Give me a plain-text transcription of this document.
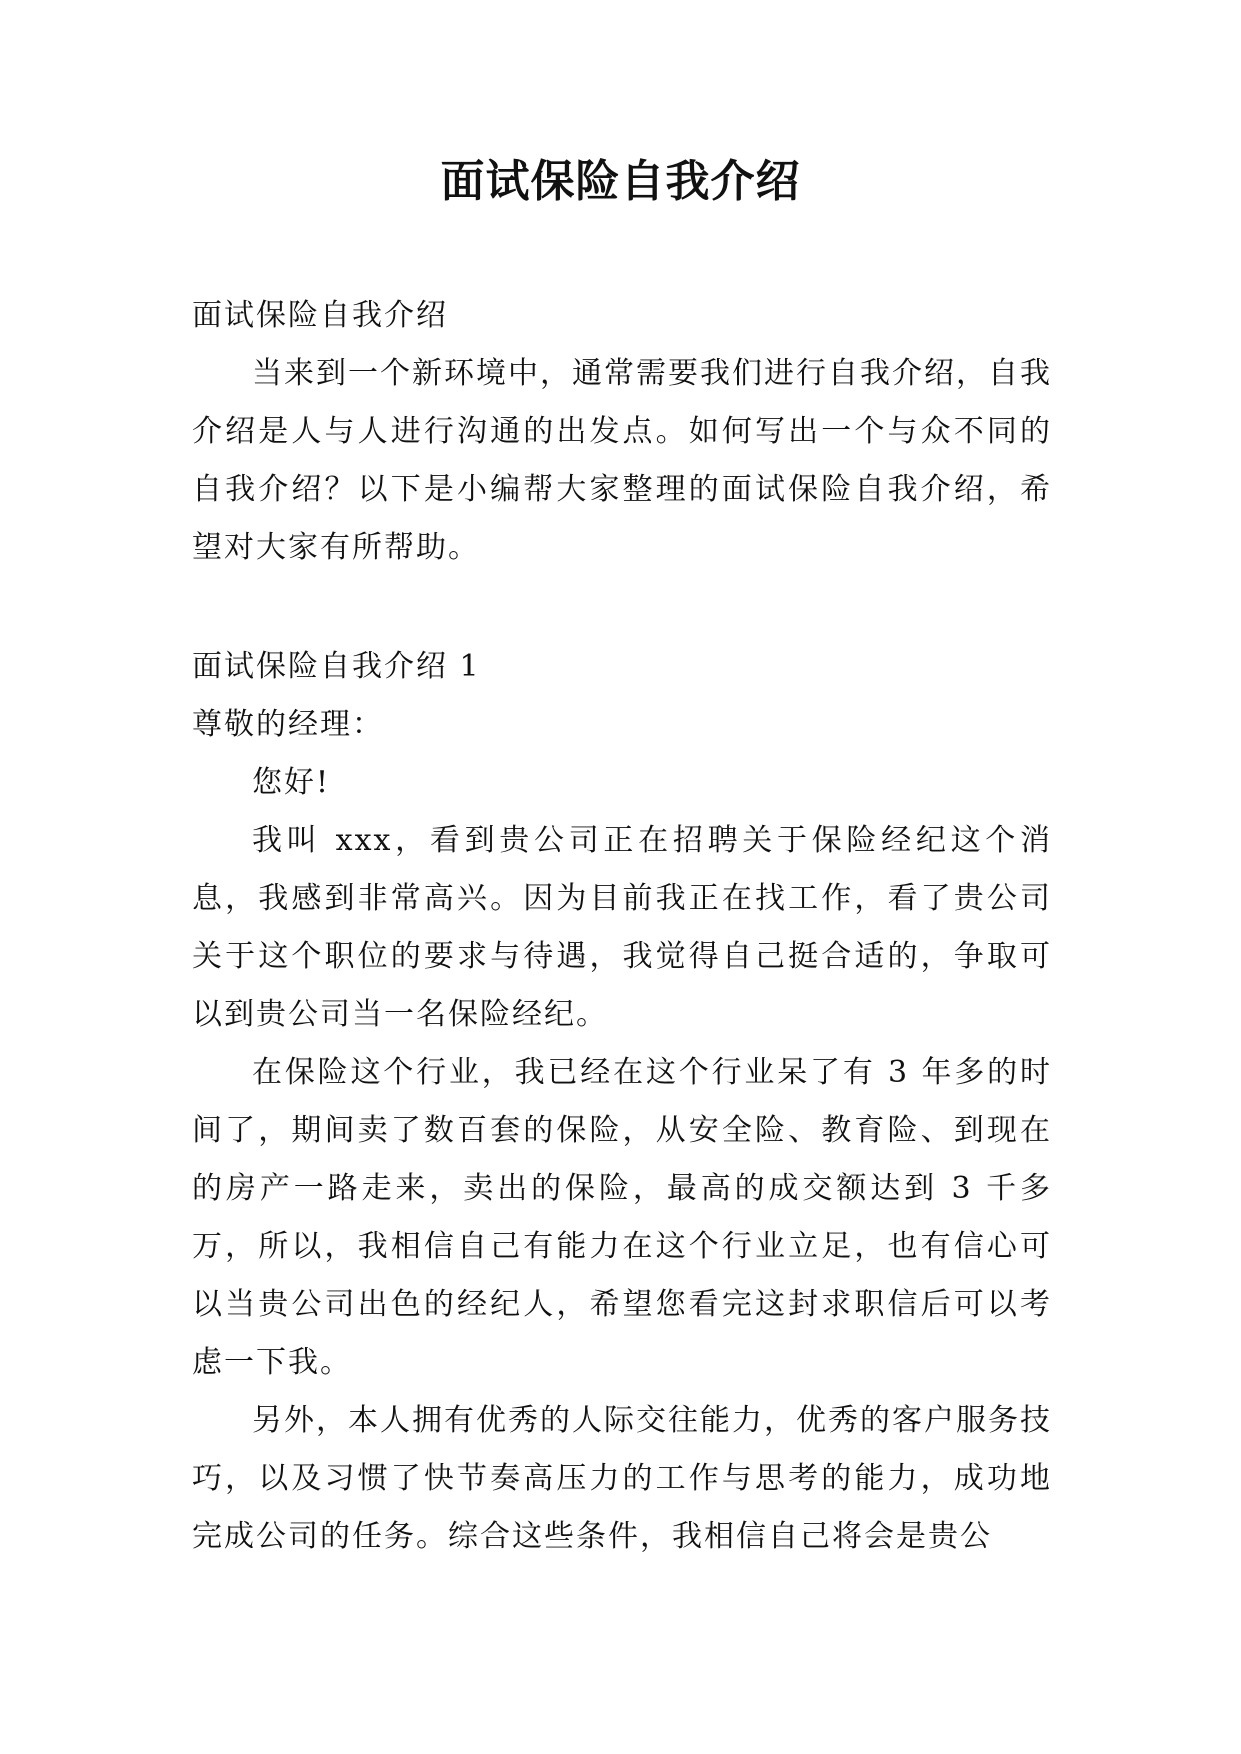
面试保险自我介绍

面试保险自我介绍

当来到一个新环境中，通常需要我们进行自我介绍，自我介绍是人与人进行沟通的出发点。如何写出一个与众不同的自我介绍？以下是小编帮大家整理的面试保险自我介绍，希望对大家有所帮助。

面试保险自我介绍 1

尊敬的经理：

您好!

我叫 xxx，看到贵公司正在招聘关于保险经纪这个消息，我感到非常高兴。因为目前我正在找工作，看了贵公司关于这个职位的要求与待遇，我觉得自己挺合适的，争取可以到贵公司当一名保险经纪。

在保险这个行业，我已经在这个行业呆了有 3 年多的时间了，期间卖了数百套的保险，从安全险、教育险、到现在的房产一路走来，卖出的保险，最高的成交额达到 3 千多万，所以，我相信自己有能力在这个行业立足，也有信心可以当贵公司出色的经纪人，希望您看完这封求职信后可以考虑一下我。

另外，本人拥有优秀的人际交往能力，优秀的客户服务技巧，以及习惯了快节奏高压力的工作与思考的能力，成功地完成公司的任务。综合这些条件，我相信自己将会是贵公
